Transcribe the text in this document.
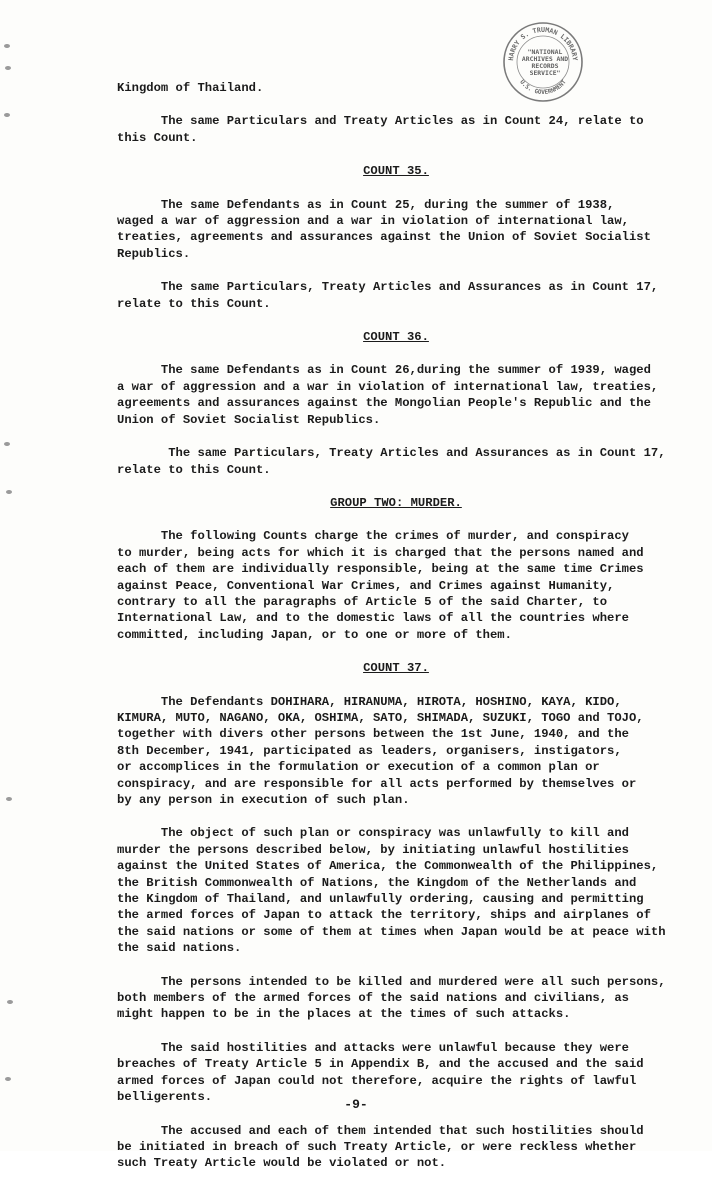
HARRY S. TRUMAN LIBRARY
U.S. GOVERNMENT
"NATIONAL
ARCHIVES AND
RECORDS
SERVICE"

Kingdom of Thailand.

The same Particulars and Treaty Articles as in Count 24, relate to

this Count.

COUNT 35.

The same Defendants as in Count 25, during the summer of 1938,

waged a war of aggression and a war in violation of international law,

treaties, agreements and assurances against the Union of Soviet Socialist

Republics.

The same Particulars, Treaty Articles and Assurances as in Count 17,

relate to this Count.

COUNT 36.

The same Defendants as in Count 26,during the summer of 1939, waged

a war of aggression and a war in violation of international law, treaties,

agreements and assurances against the Mongolian People's Republic and the

Union of Soviet Socialist Republics.

The same Particulars, Treaty Articles and Assurances as in Count 17,

relate to this Count.

GROUP TWO: MURDER.

The following Counts charge the crimes of murder, and conspiracy

to murder, being acts for which it is charged that the persons named and

each of them are individually responsible, being at the same time Crimes

against Peace, Conventional War Crimes, and Crimes against Humanity,

contrary to all the paragraphs of Article 5 of the said Charter, to

International Law, and to the domestic laws of all the countries where

committed, including Japan, or to one or more of them.

COUNT 37.

The Defendants DOHIHARA, HIRANUMA, HIROTA, HOSHINO, KAYA, KIDO,

KIMURA, MUTO, NAGANO, OKA, OSHIMA, SATO, SHIMADA, SUZUKI, TOGO and TOJO,

together with divers other persons between the 1st June, 1940, and the

8th December, 1941, participated as leaders, organisers, instigators,

or accomplices in the formulation or execution of a common plan or

conspiracy, and are responsible for all acts performed by themselves or

by any person in execution of such plan.

The object of such plan or conspiracy was unlawfully to kill and

murder the persons described below, by initiating unlawful hostilities

against the United States of America, the Commonwealth of the Philippines,

the British Commonwealth of Nations, the Kingdom of the Netherlands and

the Kingdom of Thailand, and unlawfully ordering, causing and permitting

the armed forces of Japan to attack the territory, ships and airplanes of

the said nations or some of them at times when Japan would be at peace with

the said nations.

The persons intended to be killed and murdered were all such persons,

both members of the armed forces of the said nations and civilians, as

might happen to be in the places at the times of such attacks.

The said hostilities and attacks were unlawful because they were

breaches of Treaty Article 5 in Appendix B, and the accused and the said

armed forces of Japan could not therefore, acquire the rights of lawful

belligerents.

The accused and each of them intended that such hostilities should

be initiated in breach of such Treaty Article, or were reckless whether

such Treaty Article would be violated or not.

-9-
